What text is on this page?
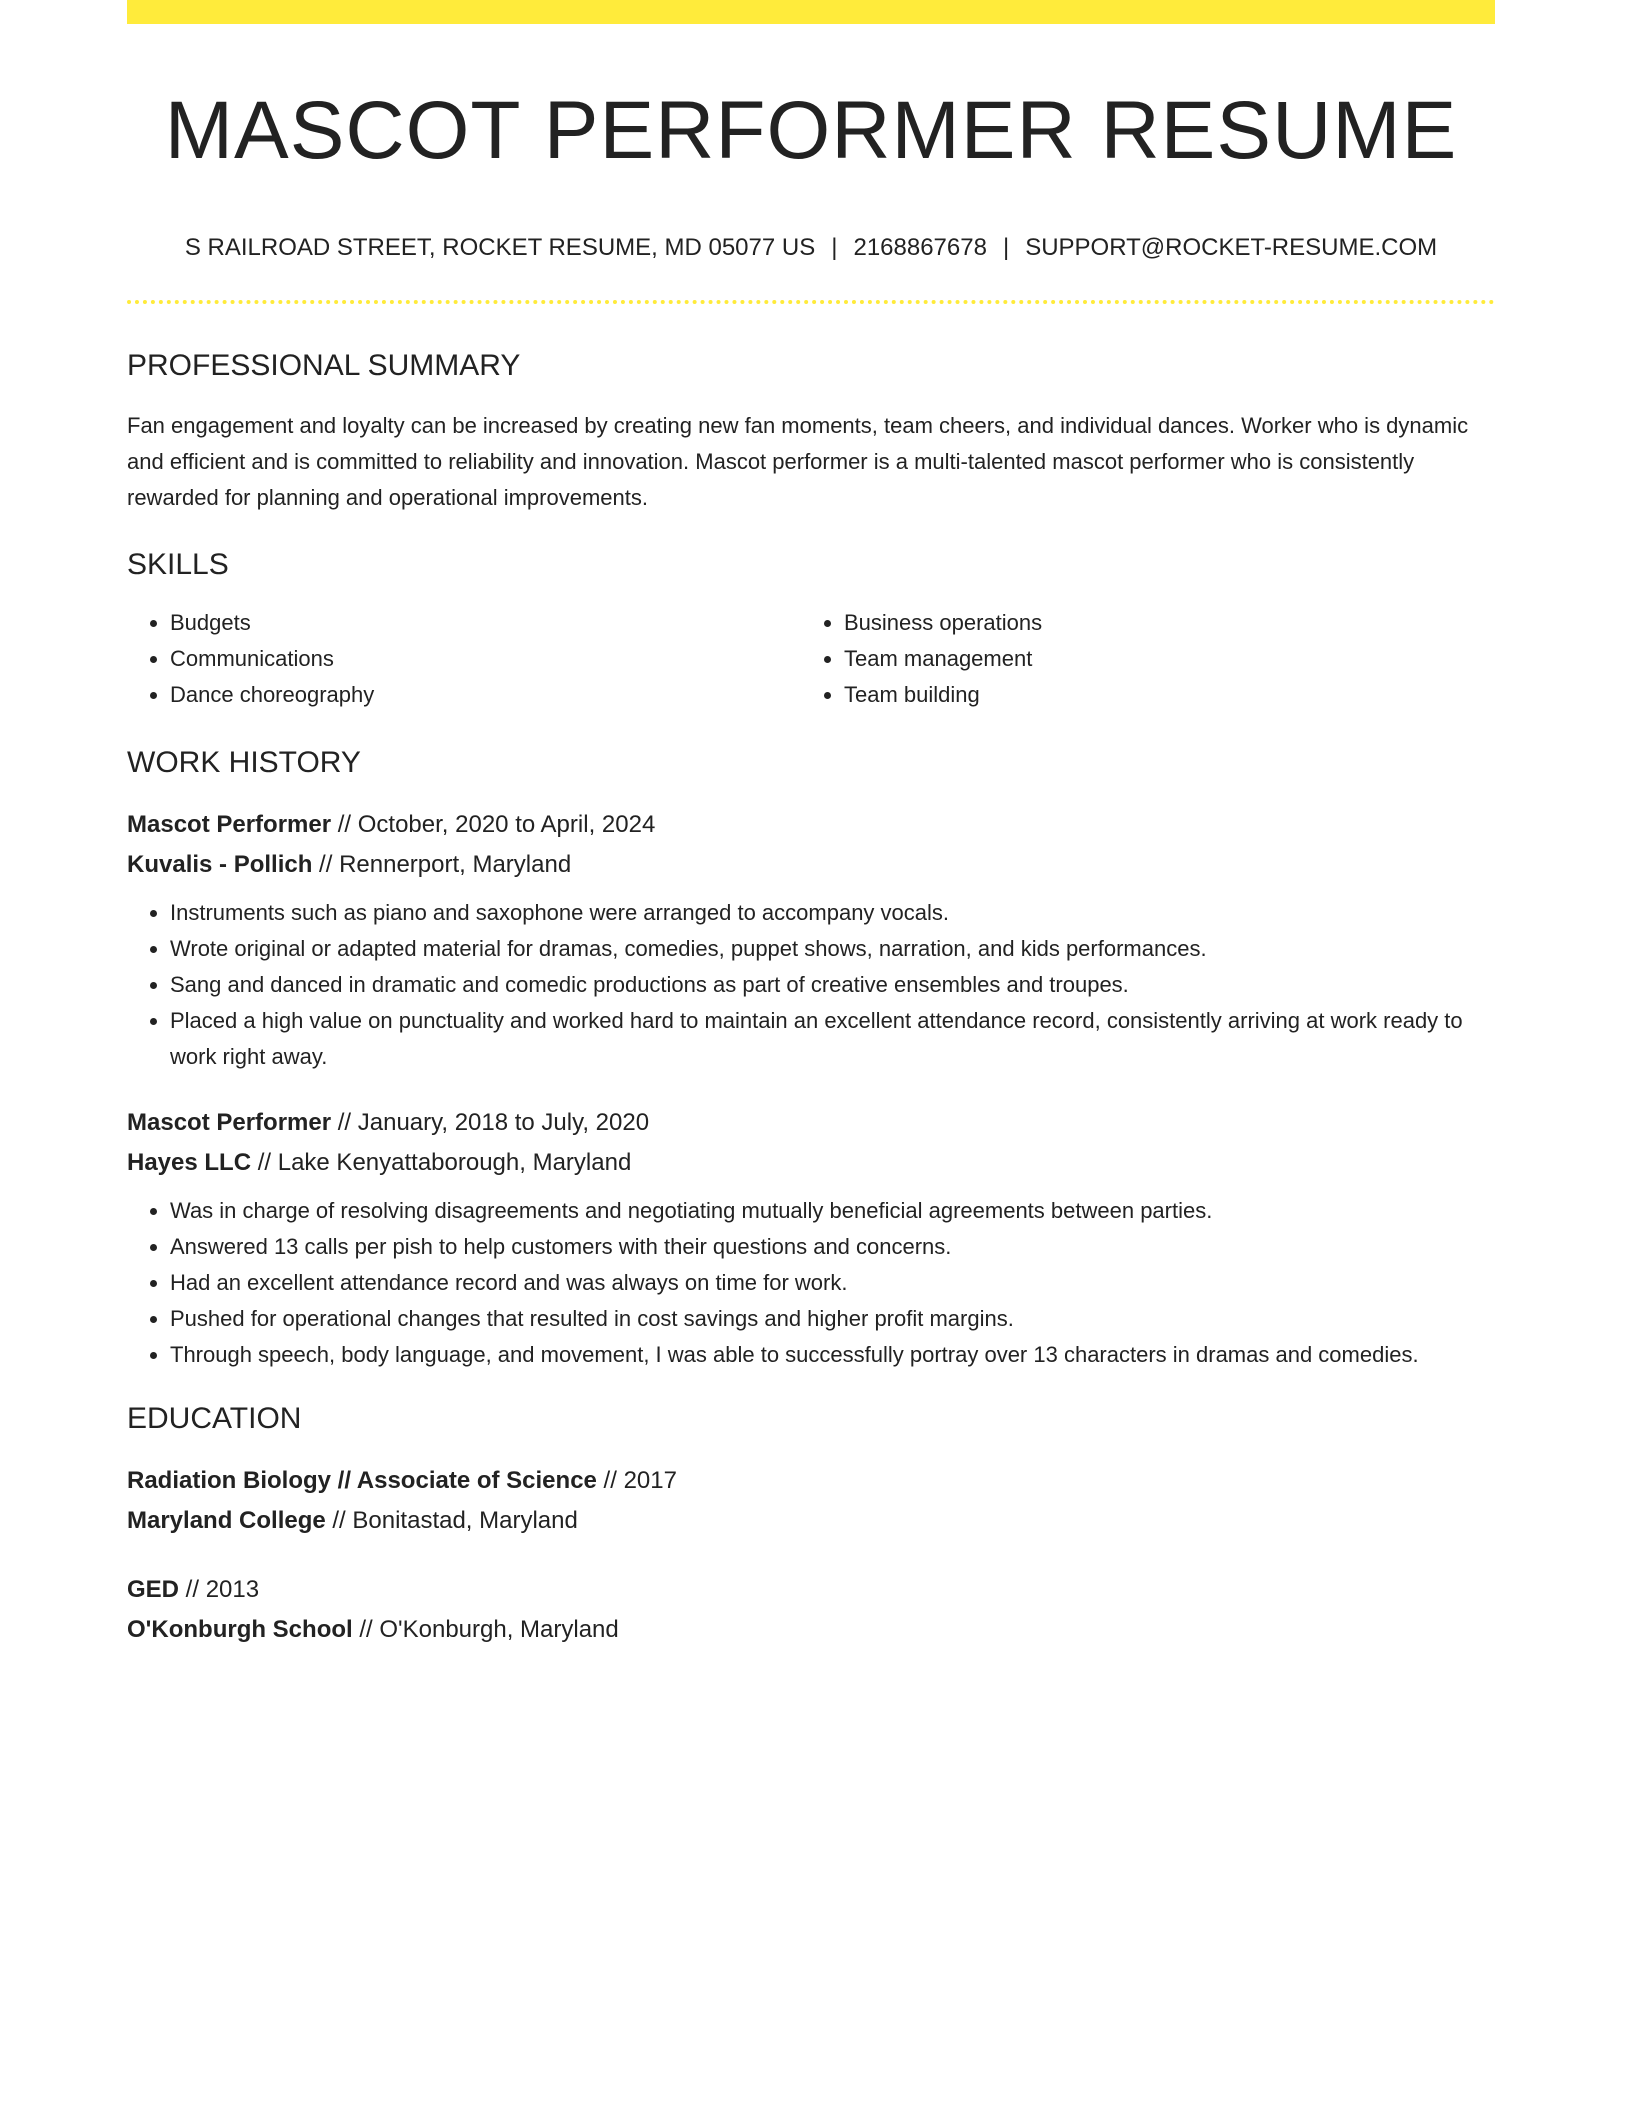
MASCOT PERFORMER RESUME
S RAILROAD STREET, ROCKET RESUME, MD 05077 US | 2168867678 | SUPPORT@ROCKET-RESUME.COM
PROFESSIONAL SUMMARY
Fan engagement and loyalty can be increased by creating new fan moments, team cheers, and individual dances. Worker who is dynamic and efficient and is committed to reliability and innovation. Mascot performer is a multi-talented mascot performer who is consistently rewarded for planning and operational improvements.
SKILLS
• Budgets
• Communications
• Dance choreography
• Business operations
• Team management
• Team building
WORK HISTORY
Mascot Performer // October, 2020 to April, 2024
Kuvalis - Pollich // Rennerport, Maryland
• Instruments such as piano and saxophone were arranged to accompany vocals.
• Wrote original or adapted material for dramas, comedies, puppet shows, narration, and kids performances.
• Sang and danced in dramatic and comedic productions as part of creative ensembles and troupes.
• Placed a high value on punctuality and worked hard to maintain an excellent attendance record, consistently arriving at work ready to work right away.
Mascot Performer // January, 2018 to July, 2020
Hayes LLC // Lake Kenyattaborough, Maryland
• Was in charge of resolving disagreements and negotiating mutually beneficial agreements between parties.
• Answered 13 calls per pish to help customers with their questions and concerns.
• Had an excellent attendance record and was always on time for work.
• Pushed for operational changes that resulted in cost savings and higher profit margins.
• Through speech, body language, and movement, I was able to successfully portray over 13 characters in dramas and comedies.
EDUCATION
Radiation Biology // Associate of Science // 2017
Maryland College // Bonitastad, Maryland
GED // 2013
O'Konburgh School // O'Konburgh, Maryland
